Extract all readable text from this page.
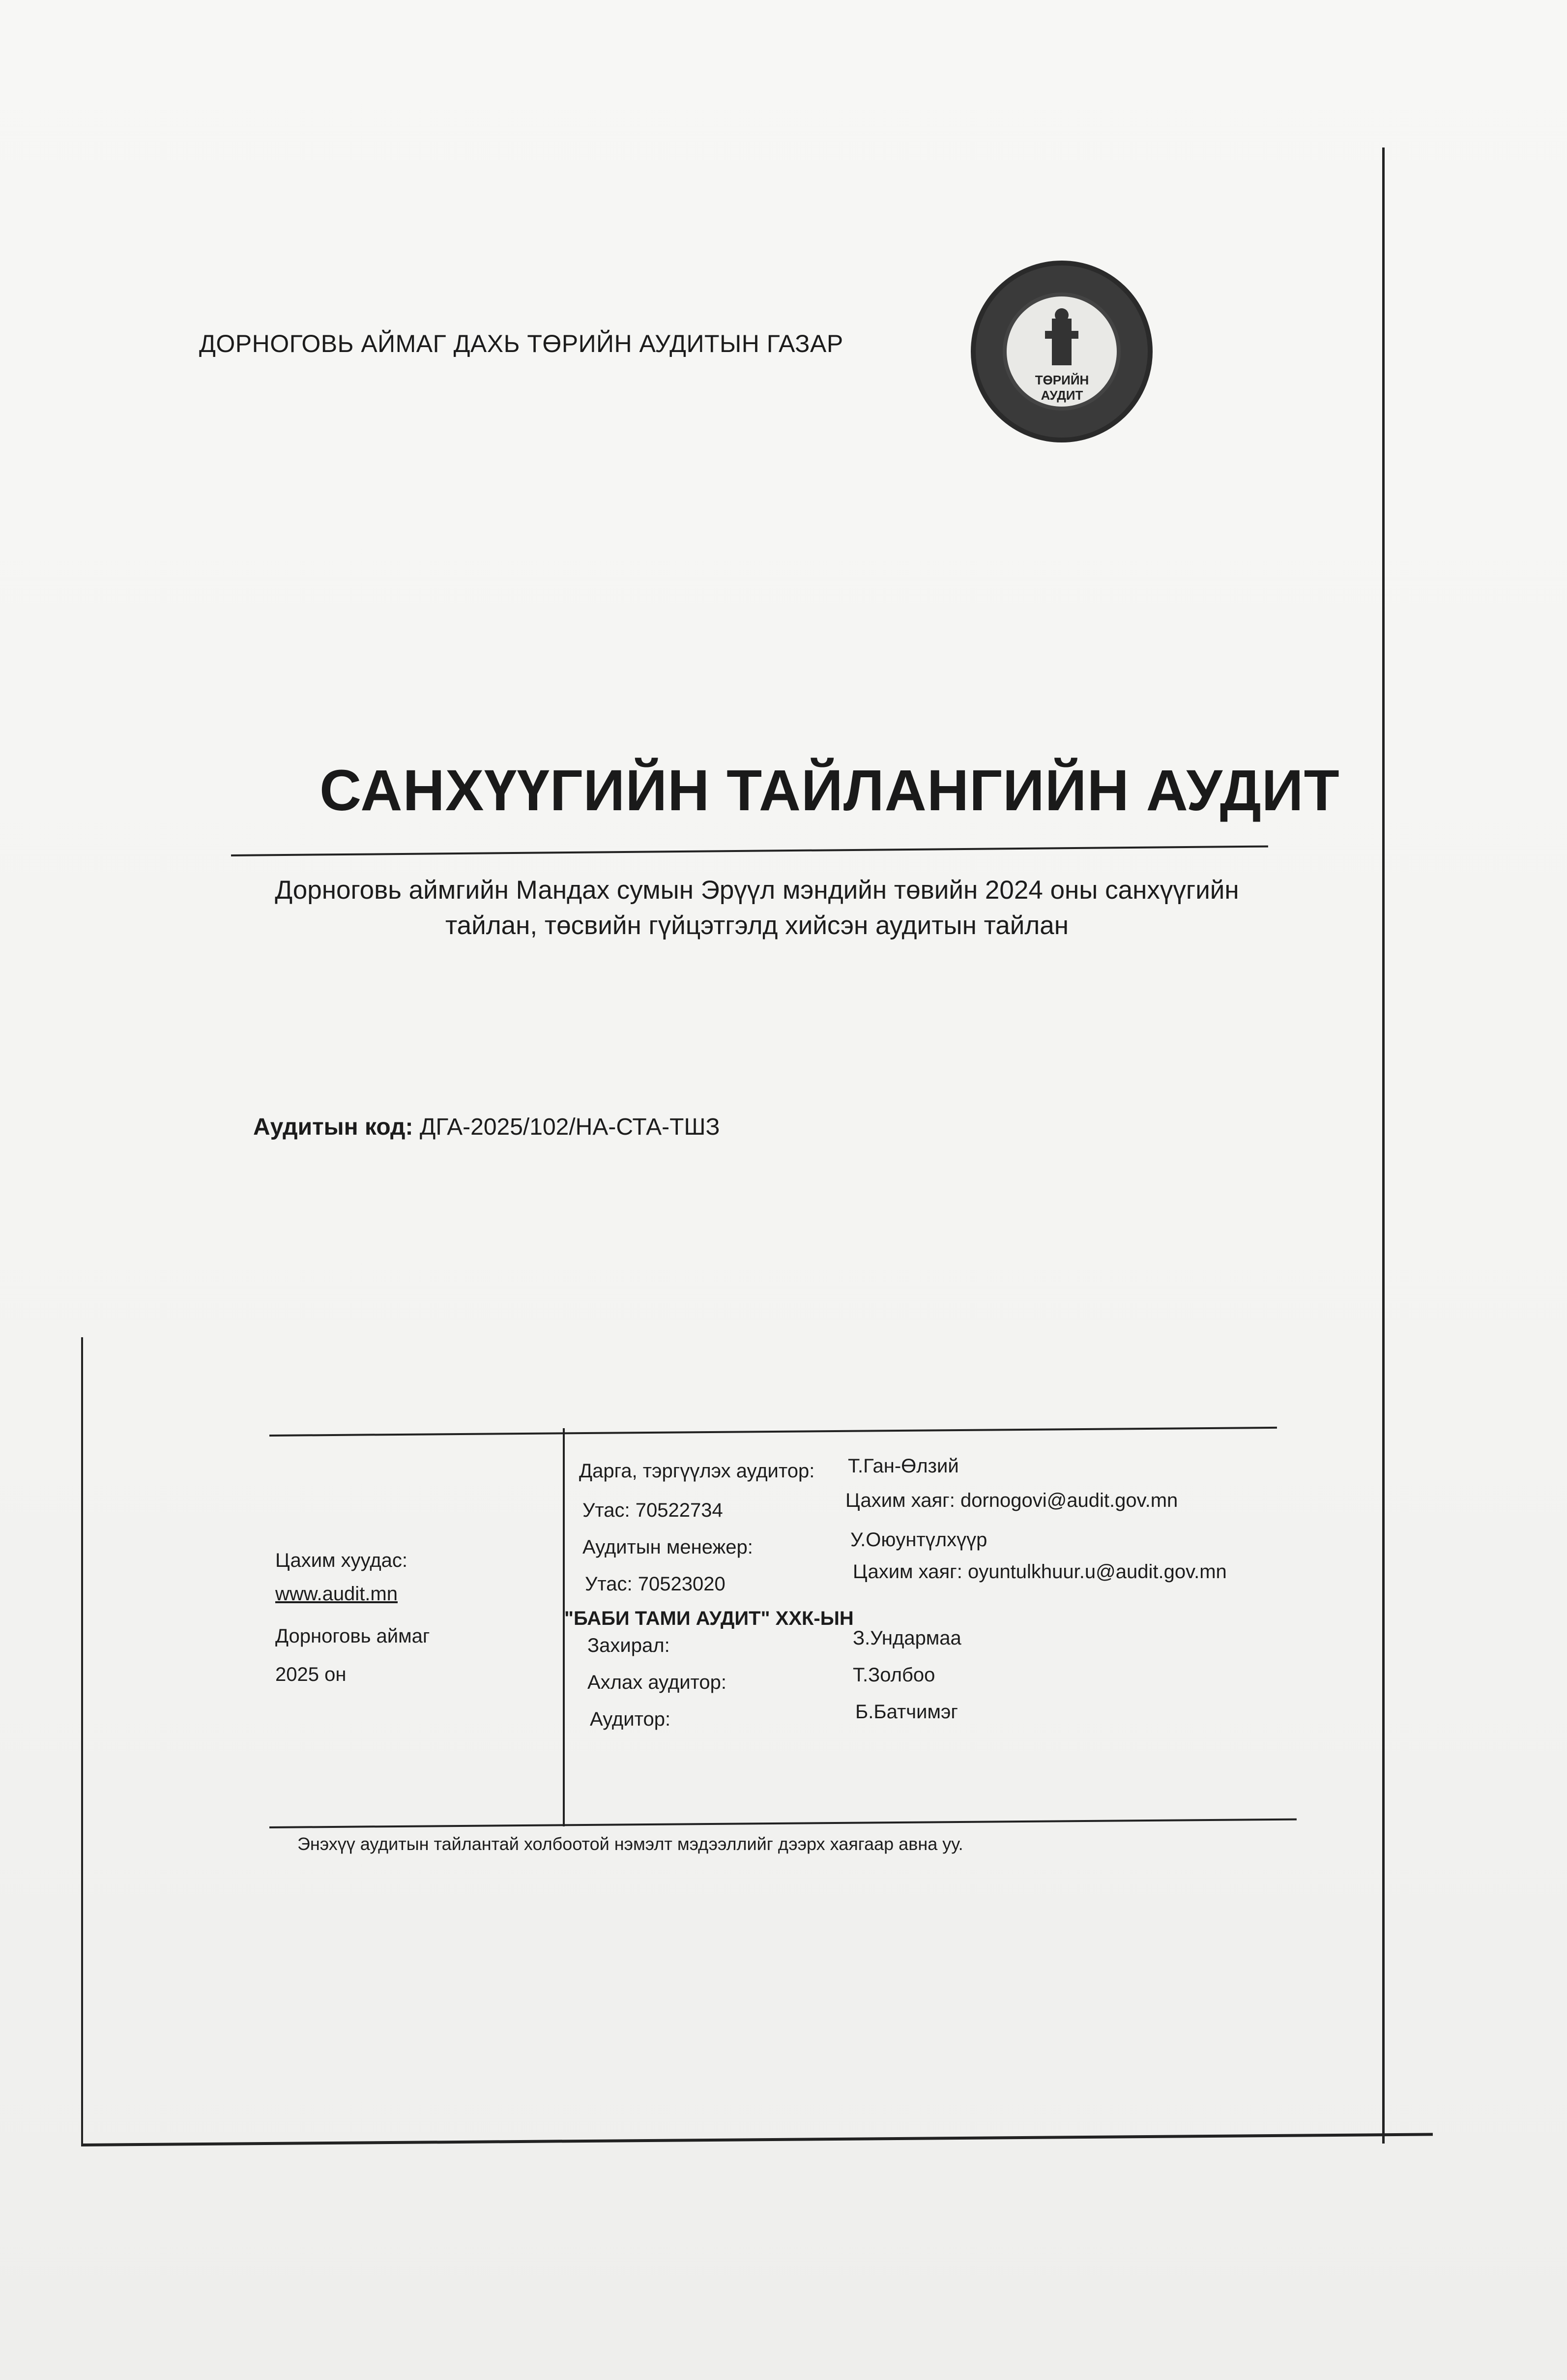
ДОРНОГОВЬ АЙМАГ ДАХЬ ТӨРИЙН АУДИТЫН ГАЗАР
ТӨРИЙН АУДИТ
САНХҮҮГИЙН ТАЙЛАНГИЙН АУДИТ
Дорноговь аймгийн Мандах сумын Эрүүл мэндийн төвийн 2024 оны санхүүгийн
тайлан, төсвийн гүйцэтгэлд хийсэн аудитын тайлан
Аудитын код: ДГА-2025/102/НА-СТА-ТШЗ
Цахим хуудас:
www.audit.mn
Дорноговь аймаг
2025 он
Дарга, тэргүүлэх аудитор: Т.Ган-Өлзий
Утас: 70522734	Цахим хаяг: dornogovi@audit.gov.mn
Аудитын менежер:	У.Оюунтүлхүүр
Утас: 70523020
Цахим хаяг: oyuntulkhuur.u@audit.gov.mn
"БАБИ ТАМИ АУДИТ" ХХК-ЫН
Захирал:	З.Ундармаа
Ахлах аудитор:	Т.Золбоо
Аудитор:	Б.Батчимэг
Энэхүү аудитын тайлантай холбоотой нэмэлт мэдээллийг дээрх хаягаар авна уу.
